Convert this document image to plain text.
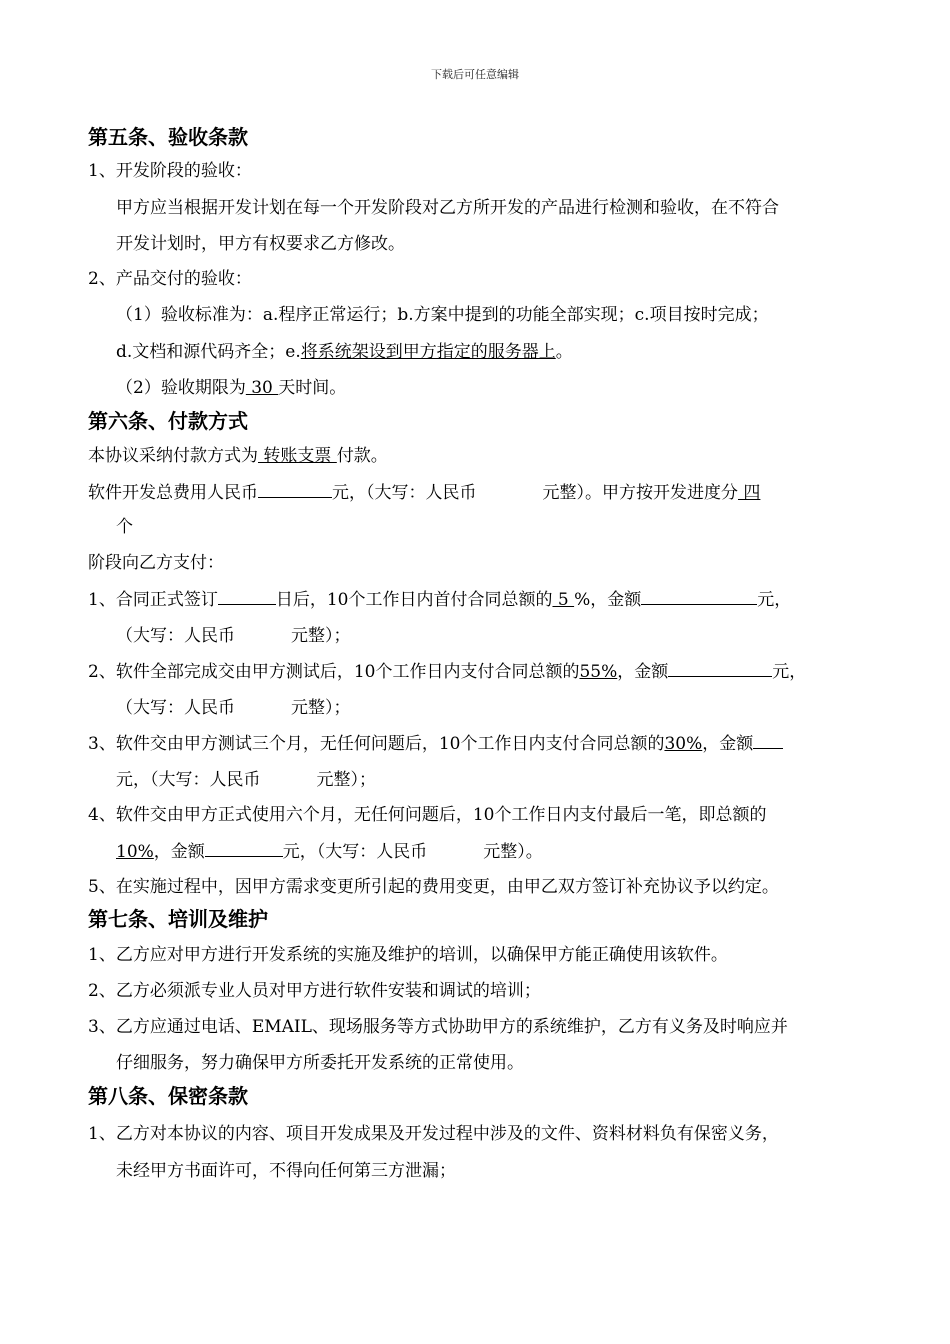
下载后可任意编辑
第五条、验收条款
1、开发阶段的验收：
甲方应当根据开发计划在每一个开发阶段对乙方所开发的产品进行检测和验收，在不符合
开发计划时，甲方有权要求乙方修改。
2、产品交付的验收：
（1）验收标准为：a.程序正常运行；b.方案中提到的功能全部实现；c.项目按时完成；
d.文档和源代码齐全；e.将系统架设到甲方指定的服务器上。
（2）验收期限为 30 天时间。
第六条、付款方式
本协议采纳付款方式为 转账支票 付款。
软件开发总费用人民币	元，（大写：人民币	元整）。甲方按开发进度分 四
个
阶段向乙方支付：
1、合同正式签订	日后，10个工作日内首付合同总额的 5 %，金额	元，
（大写：人民币	元整）；
2、软件全部完成交由甲方测试后，10个工作日内支付合同总额的55%，金额	元，
（大写：人民币	元整）；
3、软件交由甲方测试三个月，无任何问题后，10个工作日内支付合同总额的30%，金额
元，（大写：人民币	元整）；
4、软件交由甲方正式使用六个月，无任何问题后，10个工作日内支付最后一笔，即总额的
10%，金额	元，（大写：人民币	元整）。
5、在实施过程中，因甲方需求变更所引起的费用变更，由甲乙双方签订补充协议予以约定。
第七条、培训及维护
1、乙方应对甲方进行开发系统的实施及维护的培训，以确保甲方能正确使用该软件。
2、乙方必须派专业人员对甲方进行软件安装和调试的培训；
3、乙方应通过电话、EMAIL、现场服务等方式协助甲方的系统维护，乙方有义务及时响应并
仔细服务，努力确保甲方所委托开发系统的正常使用。
第八条、保密条款
1、乙方对本协议的内容、项目开发成果及开发过程中涉及的文件、资料材料负有保密义务，
未经甲方书面许可，不得向任何第三方泄漏；
